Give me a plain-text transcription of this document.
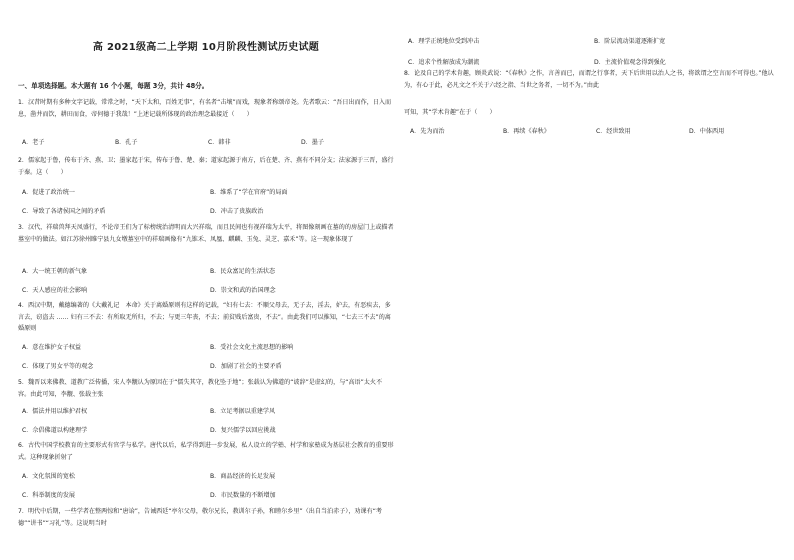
高 2021级高二上学期 10月阶段性测试历史试题
一、单项选择题。本大题有 16 个小题，每题 3分，共计 48分。
1．汉昔时期有多种文字记载，常常之时，“天下太和，百姓无事”，有名者“击壤”而戏，现象者称颂帝尧。先者歌云：“吾日出而作，日入而息，凿井而饮，耕田而食，帝何德于我哉！”上述记载所体现的政治理念最接近（　　）
A．老子	B．孔子	C．韩非	D．墨子
2．儒家起于鲁，传布于齐、燕、卫；墨家起于宋，传布于鲁、楚、秦；道家起源于南方，后在楚、齐、燕有不同分支；法家源于三晋，盛行于秦。这（　　）
A．促进了政治统一	B．维系了“学在官府”的局面
C．导致了各诸侯国之间的矛盾	D．冲击了贵族政治
3．汉代，祥瑞兽拜天凤盛行，不论帝王们为了标榜统治清明而大兴祥瑞，而且民间也有视祥瑞为太平，将图像刻画在墓的的房屋门上或描者墓室中的做法。如江苏徐州睢宁县九女墩墓室中的祥瑞画像有“九锥禾、凤凰、麒麟、玉兔、灵芝、嘉禾”等。这一现象体现了
A．大一统王朝的新气象	B．民众富足的生活状态
C．天人感应的社会影响	D．崇文和武的治国理念
4．西汉中期，戴德编著的《大戴礼记　本命》关于离婚原则有这样的记载，“妇有七去：不顺父母去，无子去，淫去，妒去，有恶疾去，多言去，窃盗去 …… 妇有三不去：有所取无所归，不去；与更三年丧，不去；前贫贱后富贵，不去”。由此我们可以推知，“七去三不去”的离婚原则
A．意在维护女子权益	B．受社会文化主流思想的影响
C．体现了男女平等的观念	D．加剧了社会的主要矛盾
5．魏晋以来佛教、道教广泛传播，宋人李觏认为原因在于“儒失其守，教化坠于地”；张载认为佛道的“诐辞”是虚幻的，与“高语”太火不容。由此可知，李觏、张载主张
A．儒法并用以维护君权	B．立足考据以重建学风
C．佘倡佛道以构建理学	D．复兴儒学以回应挑战
6．古代中国学校教育的主要形式有官学与私学。唐代以后，私学得到进一步发展，私人设立的学塾、村学和家塾成为基层社会教育的重要形式。这种现象折射了
A．文化氛围的宽松	B．商品经济的长足发展
C．科举制度的发展	D．市民数量的不断增加
7．明代中后期，一些学者在整两惊和“唐诒”，告诫西廷“亭尔父母，敬尔兄长，教训尔子孙，和睦尔乡里”（出自当泊赤子），劝课有“考德”“讲书”“习礼”等。这说明当时
A．理学正统地位受到冲击	B．阶层流动渠道逐渐扩宽
C．追求个性解放成为潮流	D．主流价值观念得到强化
8．论及自己的学术肯趣，顾炎武说：“《春秋》之作，言善而已，而谓之行事者，天下后世用以治人之书，将欲谓之空言而不可得也。”他认为，有心于此，必凡文之不关于六经之指、当世之务者，一切不为。”由此
可知，其“学术肯趣”在于（　　）
A．先为而治	B．再续《春秋》	C．经世致用	D．中体西用
